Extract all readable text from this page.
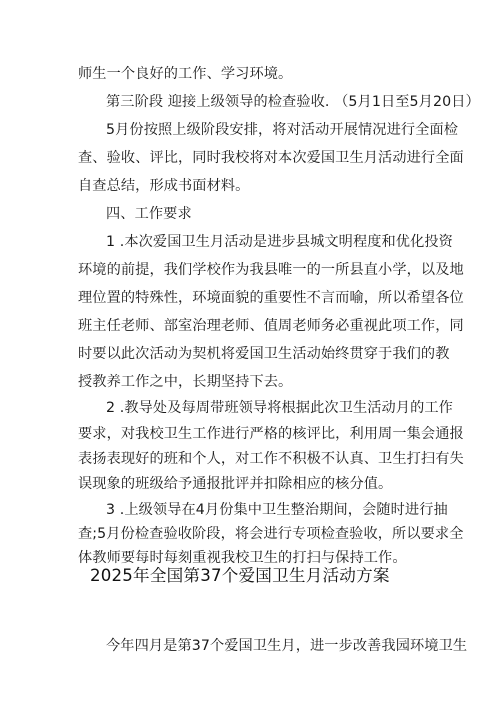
师生一个良好的工作、学习环境。
第三阶段 迎接上级领导的检查验收. （5月1日至5月20日）
5月份按照上级阶段安排，将对活动开展情况进行全面检
查、验收、评比，同时我校将对本次爱国卫生月活动进行全面
自查总结，形成书面材料。
四、工作要求
1 .本次爱国卫生月活动是进步县城文明程度和优化投资
环境的前提，我们学校作为我县唯一的一所县直小学，以及地
理位置的特殊性，环境面貌的重要性不言而喻，所以希望各位
班主任老师、部室治理老师、值周老师务必重视此项工作，同
时要以此次活动为契机将爱国卫生活动始终贯穿于我们的教
授教养工作之中，长期坚持下去。
2 .教导处及每周带班领导将根据此次卫生活动月的工作
要求，对我校卫生工作进行严格的核评比，利用周一集会通报
表扬表现好的班和个人，对工作不积极不认真、卫生打扫有失
误现象的班级给予通报批评并扣除相应的核分值。
3 .上级领导在4月份集中卫生整治期间，会随时进行抽
查;5月份检查验收阶段，将会进行专项检查验收，所以要求全
体教师要每时每刻重视我校卫生的打扫与保持工作。
2025年全国第37个爱国卫生月活动方案
今年四月是第37个爱国卫生月，进一步改善我园环境卫生
